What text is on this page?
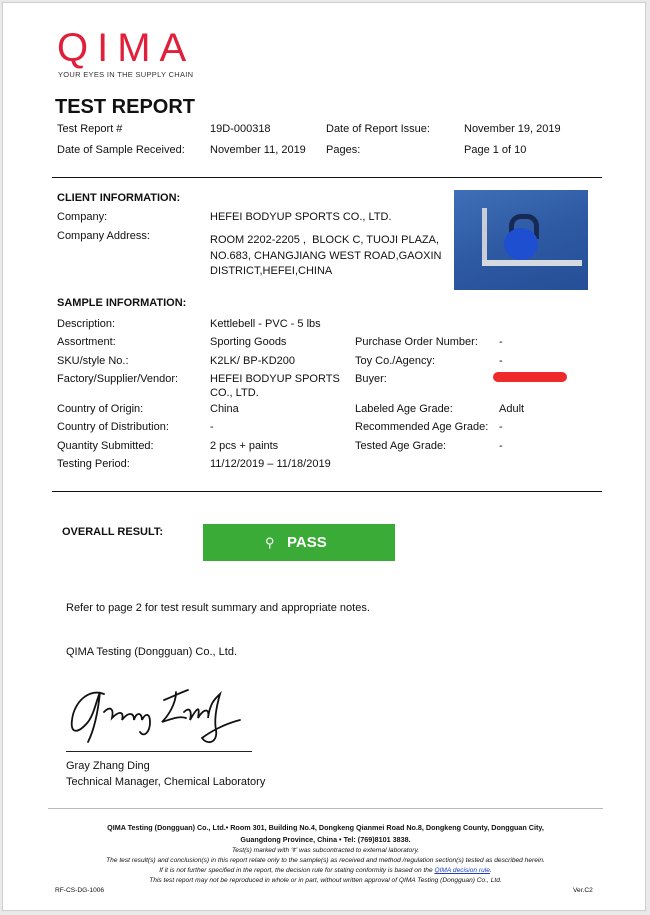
QIMA
YOUR EYES IN THE SUPPLY CHAIN
TEST REPORT
Test Report #	19D-000318	Date of Report Issue:	November 19, 2019
Date of Sample Received: November 11, 2019 Pages:	Page 1 of 10
CLIENT INFORMATION:
Company:	HEFEI BODYUP SPORTS CO., LTD.
Company Address:	ROOM 2202-2205 ,  BLOCK C, TUOJI PLAZA,
NO.683, CHANGJIANG WEST ROAD,GAOXIN
DISTRICT,HEFEI,CHINA
SAMPLE INFORMATION:
Description:	Kettlebell - PVC - 5 lbs
Assortment:	Sporting Goods	Purchase Order Number: -
SKU/style No.:	K2LK/ BP-KD200	Toy Co./Agency:	-
Factory/Supplier/Vendor:	HEFEI BODYUP SPORTS
CO., LTD.
Buyer:
Country of Origin:	China	Labeled Age Grade:	Adult
Country of Distribution:	-	Recommended Age Grade: -
Quantity Submitted:	2 pcs + paints	Tested Age Grade:	-
Testing Period:	11/12/2019 – 11/18/2019
OVERALL RESULT:
⚲ PASS
Refer to page 2 for test result summary and appropriate notes.
QIMA Testing (Dongguan) Co., Ltd.
Gray Zhang Ding
Technical Manager, Chemical Laboratory
QIMA Testing (Dongguan) Co., Ltd.• Room 301, Building No.4, Dongkeng Qianmei Road No.8, Dongkeng County, Dongguan City,
Guangdong Province, China • Tel: (769)8101 3838.
Test(s) marked with '¢' was subcontracted to external laboratory.
The test result(s) and conclusion(s) in this report relate only to the sample(s) as received and method /regulation section(s) tested as described herein.
If it is not further specified in the report, the decision rule for stating conformity is based on the QIMA decision rule.
This test report may not be reproduced in whole or in part, without written approval of QIMA Testing (Dongguan) Co., Ltd.
RF-CS-DG-1006	Ver.C2
